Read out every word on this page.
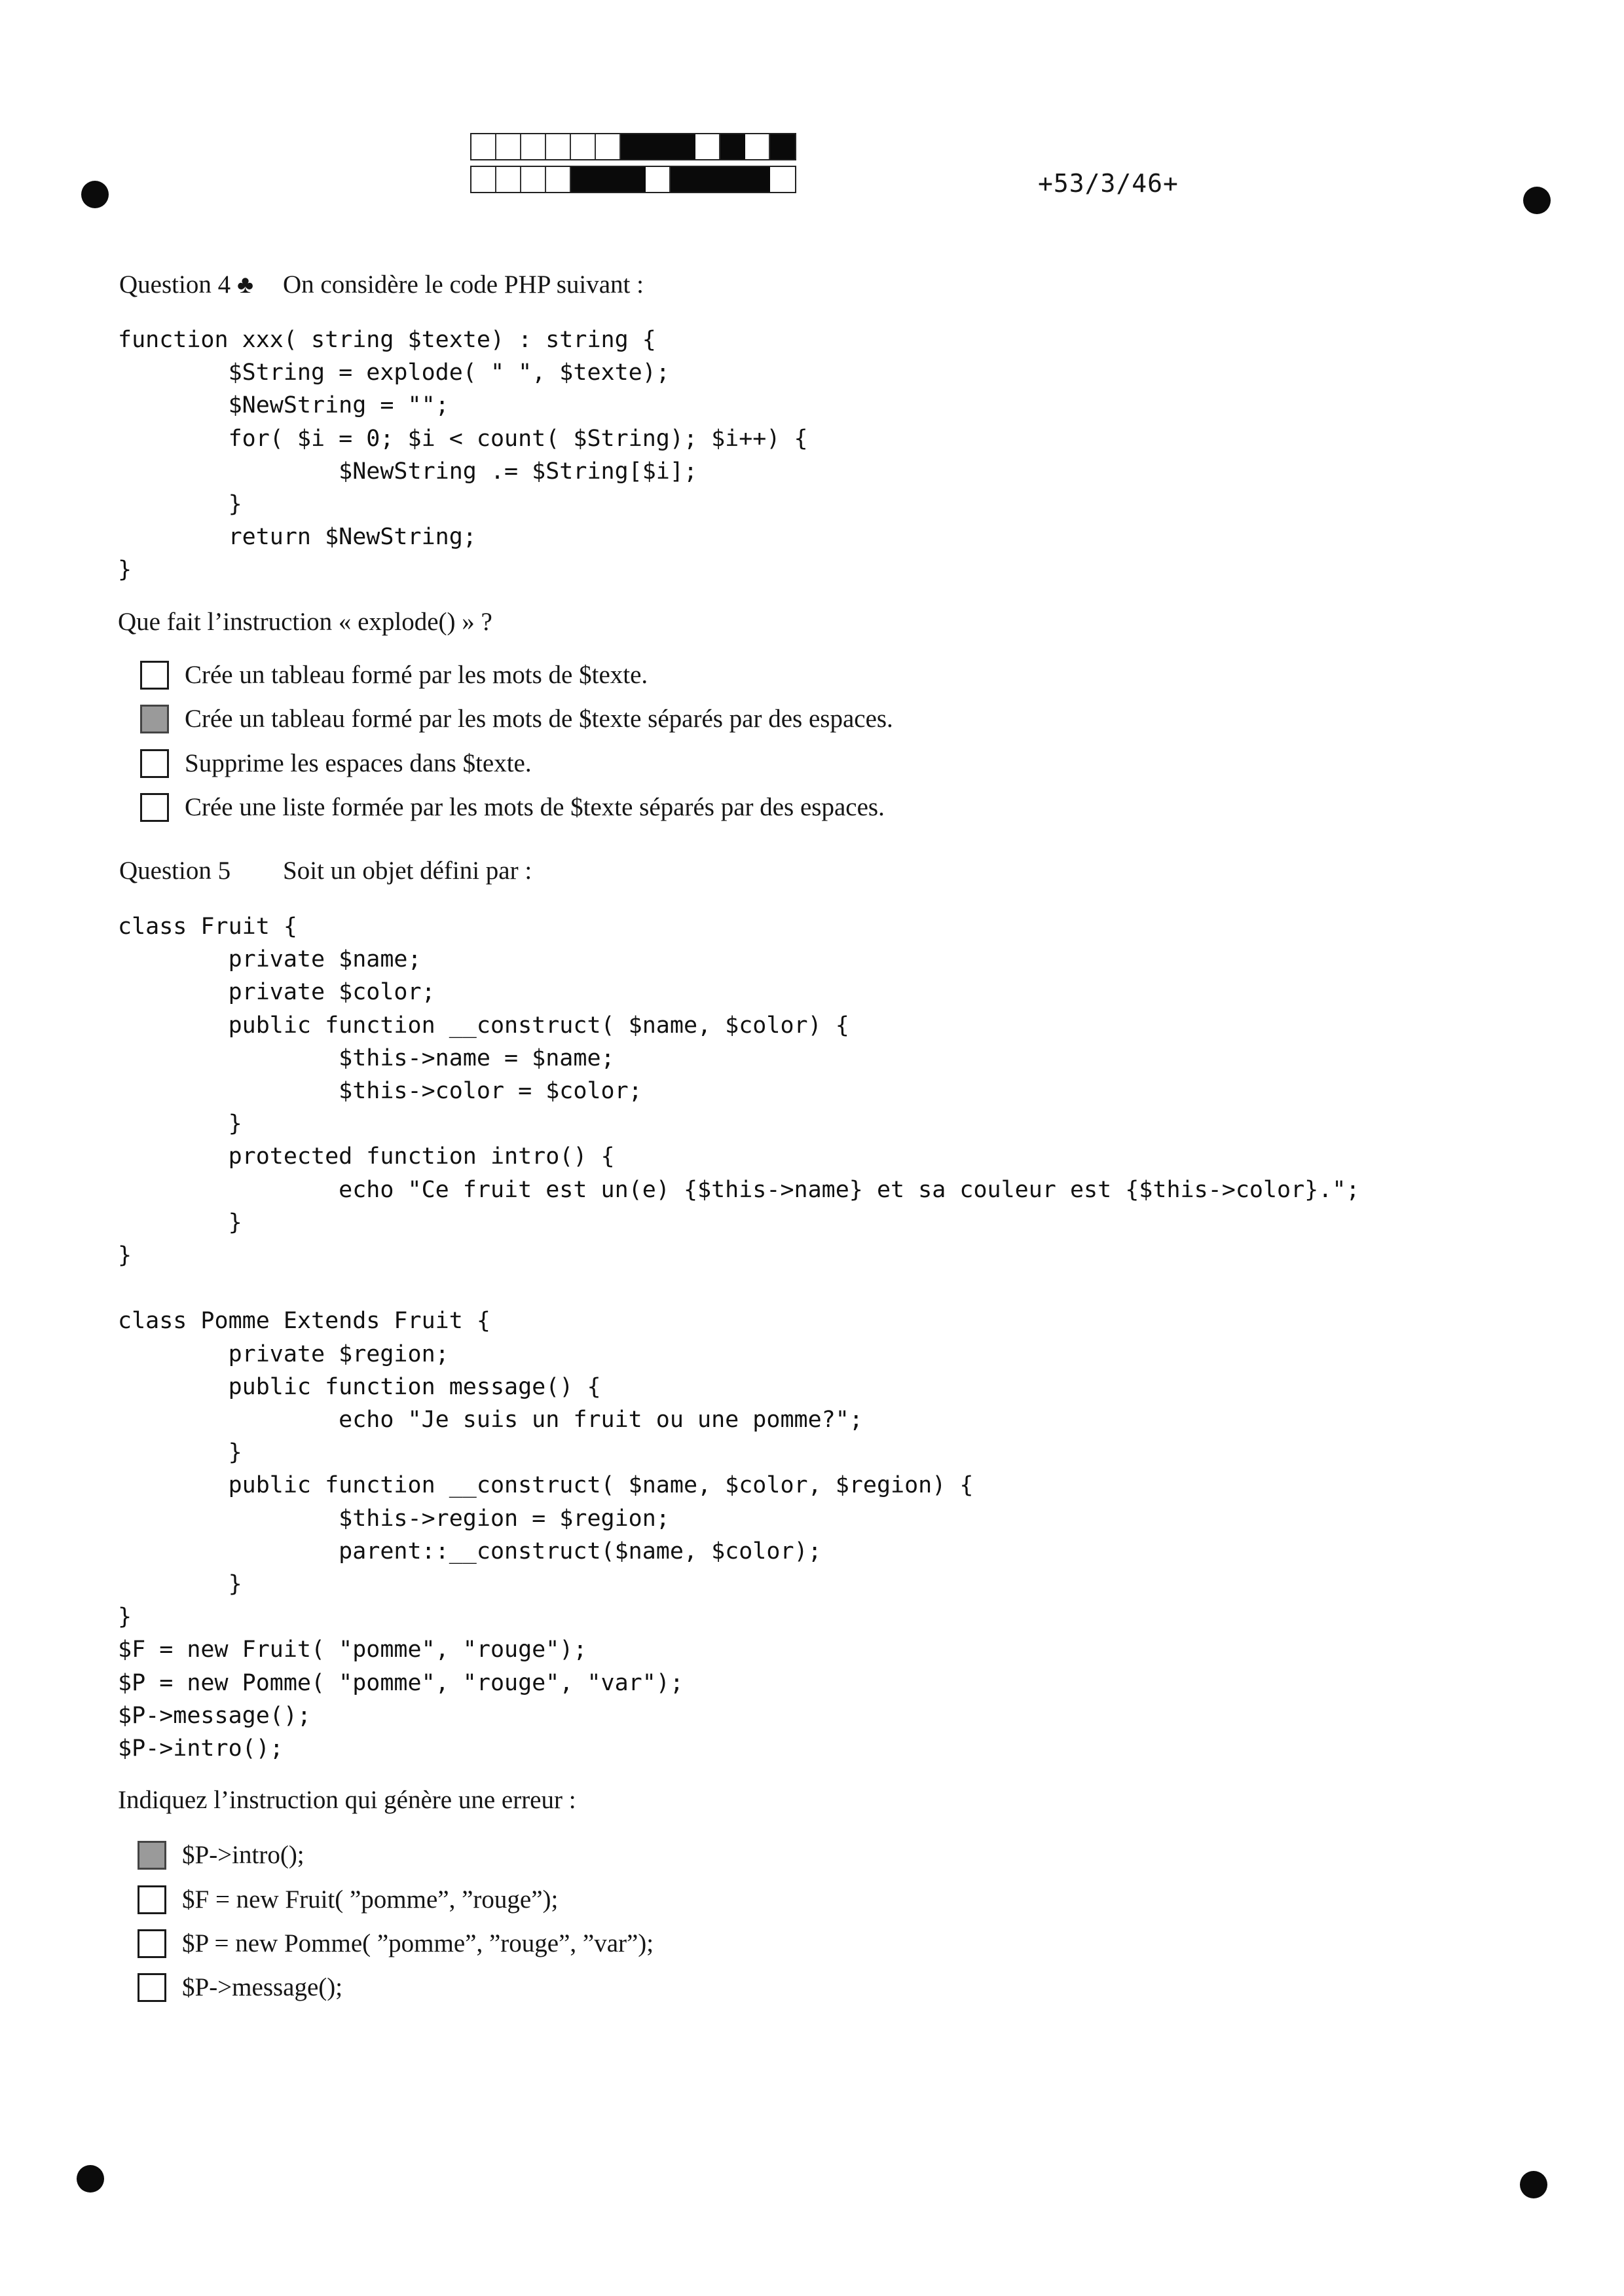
+53/3/46+
Question 4 ♣ On considère le code PHP suivant :
function xxx( string $texte) : string {
$String = explode( " ", $texte);
$NewString = "";
for( $i = 0; $i < count( $String); $i++) {
$NewString .= $String[$i];
}
return $NewString;
}
Que fait l’instruction « explode() » ?
Crée un tableau formé par les mots de $texte.
Crée un tableau formé par les mots de $texte séparés par des espaces.
Supprime les espaces dans $texte.
Crée une liste formée par les mots de $texte séparés par des espaces.
Question 5	Soit un objet défini par :
class Fruit {
private $name;
private $color;
public function __construct( $name, $color) {
$this->name = $name;
$this->color = $color;
}
protected function intro() {
echo "Ce fruit est un(e) {$this->name} et sa couleur est {$this->color}.";
}
}

class Pomme Extends Fruit {
private $region;
public function message() {
echo "Je suis un fruit ou une pomme?";
}
public function __construct( $name, $color, $region) {
$this->region = $region;
parent::__construct($name, $color);
}
}
$F = new Fruit( "pomme", "rouge");
$P = new Pomme( "pomme", "rouge", "var");
$P->message();
$P->intro();
Indiquez l’instruction qui génère une erreur :
$P->intro();
$F = new Fruit( ”pomme”, ”rouge”);
$P = new Pomme( ”pomme”, ”rouge”, ”var”);
$P->message();
